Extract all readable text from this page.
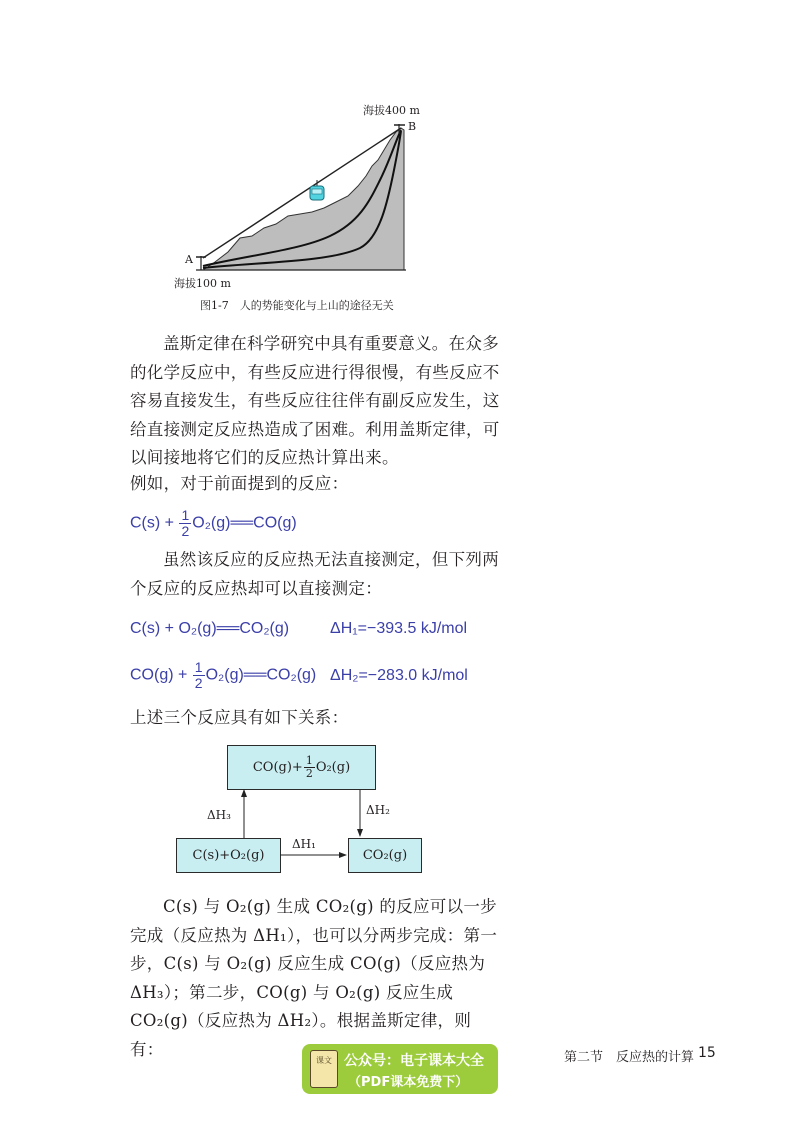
海拔400 m
B
A
海拔100 m
图1-7　人的势能变化与上山的途径无关
盖斯定律在科学研究中具有重要意义。在众多的化学反应中，有些反应进行得很慢，有些反应不容易直接发生，有些反应往往伴有副反应发生，这给直接测定反应热造成了困难。利用盖斯定律，可以间接地将它们的反应热计算出来。
例如，对于前面提到的反应：
$C(s) + \frac{1}{2}$ O₂(g)══CO(g)
虽然该反应的反应热无法直接测定，但下列两个反应的反应热却可以直接测定：
C(s) + O₂(g)══CO₂(g)	ΔH₁=−393.5 kJ/mol
$CO(g) + \frac{1}{2}$ O₂(g)══CO₂(g) ΔH₂=−283.0 kJ/mol
上述三个反应具有如下关系：
$CO(g)+ \frac{1}{2} O_2(g)$
C(s)+O₂(g)	CO₂(g)
ΔH₃	ΔH₂
ΔH₁
C(s) 与 O₂(g) 生成 CO₂(g) 的反应可以一步完成（反应热为 ΔH₁），也可以分两步完成：第一步，C(s) 与 O₂(g) 反应生成 CO(g)（反应热为 ΔH₃）；第二步，CO(g) 与 O₂(g) 反应生成 CO₂(g)（反应热为 ΔH₂）。根据盖斯定律，则有：	第二节　反应热的计算 15
课文 公众号：电子课本大全
（PDF课本免费下）
